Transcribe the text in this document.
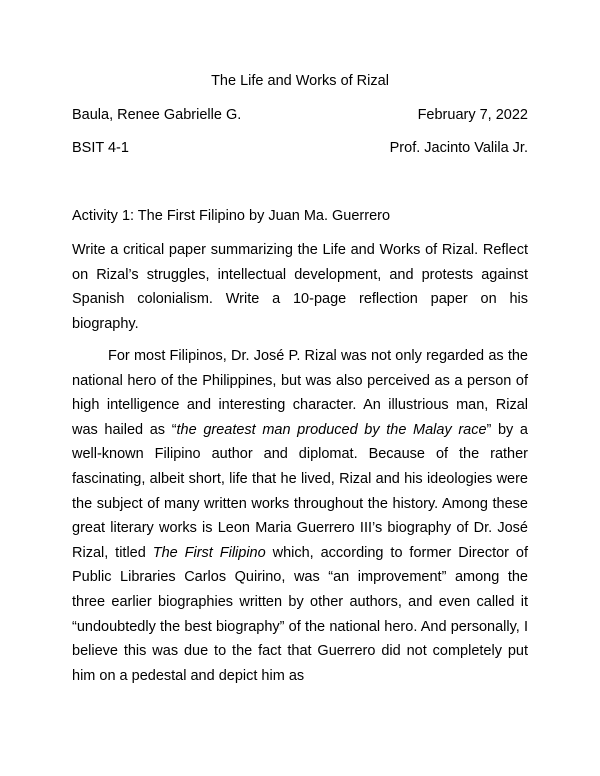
The Life and Works of Rizal
Baula, Renee Gabrielle G.	February 7, 2022
BSIT 4-1	Prof. Jacinto Valila Jr.
Activity 1: The First Filipino by Juan Ma. Guerrero
Write a critical paper summarizing the Life and Works of Rizal. Reflect on Rizal’s struggles, intellectual development, and protests against Spanish colonialism. Write a 10-page reflection paper on his biography.

For most Filipinos, Dr. José P. Rizal was not only regarded as the national hero of the Philippines, but was also perceived as a person of high intelligence and interesting character. An illustrious man, Rizal was hailed as “the greatest man produced by the Malay race” by a well-known Filipino author and diplomat. Because of the rather fascinating, albeit short, life that he lived, Rizal and his ideologies were the subject of many written works throughout the history. Among these great literary works is Leon Maria Guerrero III’s biography of Dr. José Rizal, titled The First Filipino which, according to former Director of Public Libraries Carlos Quirino, was “an improvement” among the three earlier biographies written by other authors, and even called it “undoubtedly the best biography” of the national hero. And personally, I believe this was due to the fact that Guerrero did not completely put him on a pedestal and depict him as
